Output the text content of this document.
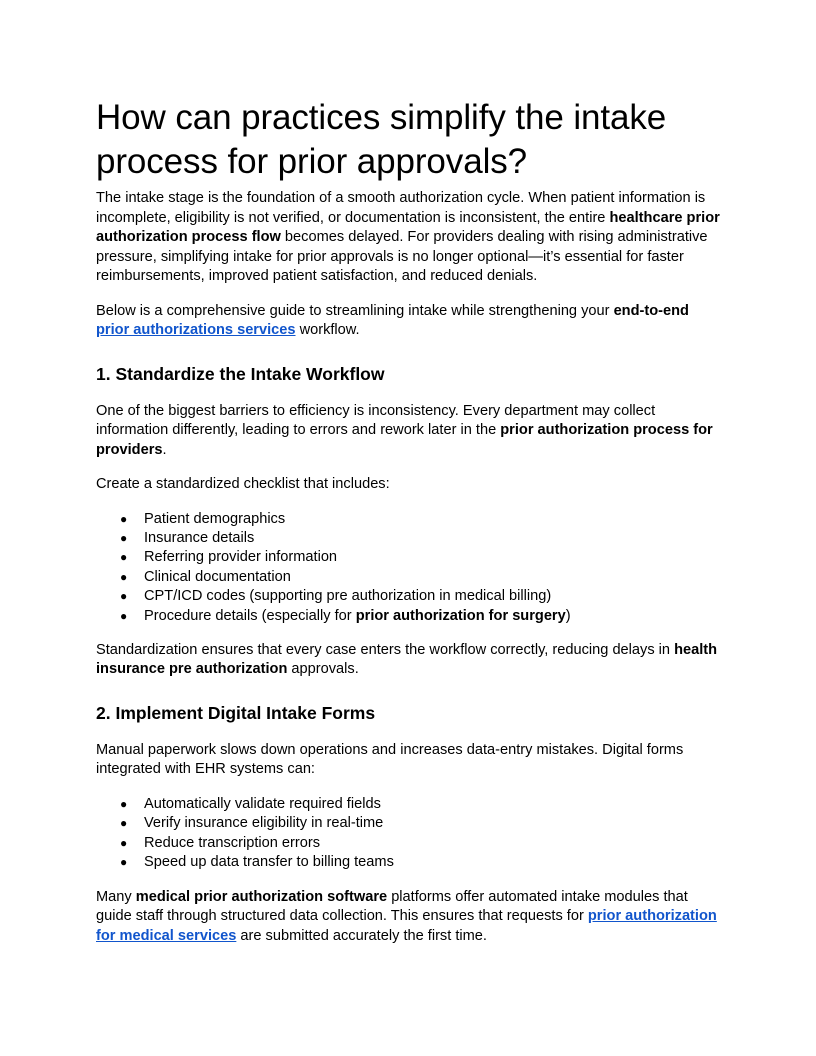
How can practices simplify the intake process for prior approvals?

The intake stage is the foundation of a smooth authorization cycle. When patient information is incomplete, eligibility is not verified, or documentation is inconsistent, the entire healthcare prior authorization process flow becomes delayed. For providers dealing with rising administrative pressure, simplifying intake for prior approvals is no longer optional—it’s essential for faster reimbursements, improved patient satisfaction, and reduced denials.

Below is a comprehensive guide to streamlining intake while strengthening your end-to-end
prior authorizations services workflow.

1. Standardize the Intake Workflow

One of the biggest barriers to efficiency is inconsistency. Every department may collect information differently, leading to errors and rework later in the prior authorization process for providers.

Create a standardized checklist that includes:

● Patient demographics
● Insurance details
● Referring provider information
● Clinical documentation
● CPT/ICD codes (supporting pre authorization in medical billing)
● Procedure details (especially for prior authorization for surgery)

Standardization ensures that every case enters the workflow correctly, reducing delays in health insurance pre authorization approvals.

2. Implement Digital Intake Forms

Manual paperwork slows down operations and increases data-entry mistakes. Digital forms integrated with EHR systems can:

● Automatically validate required fields
● Verify insurance eligibility in real-time
● Reduce transcription errors
● Speed up data transfer to billing teams

Many medical prior authorization software platforms offer automated intake modules that guide staff through structured data collection. This ensures that requests for prior authorization for medical services are submitted accurately the first time.
